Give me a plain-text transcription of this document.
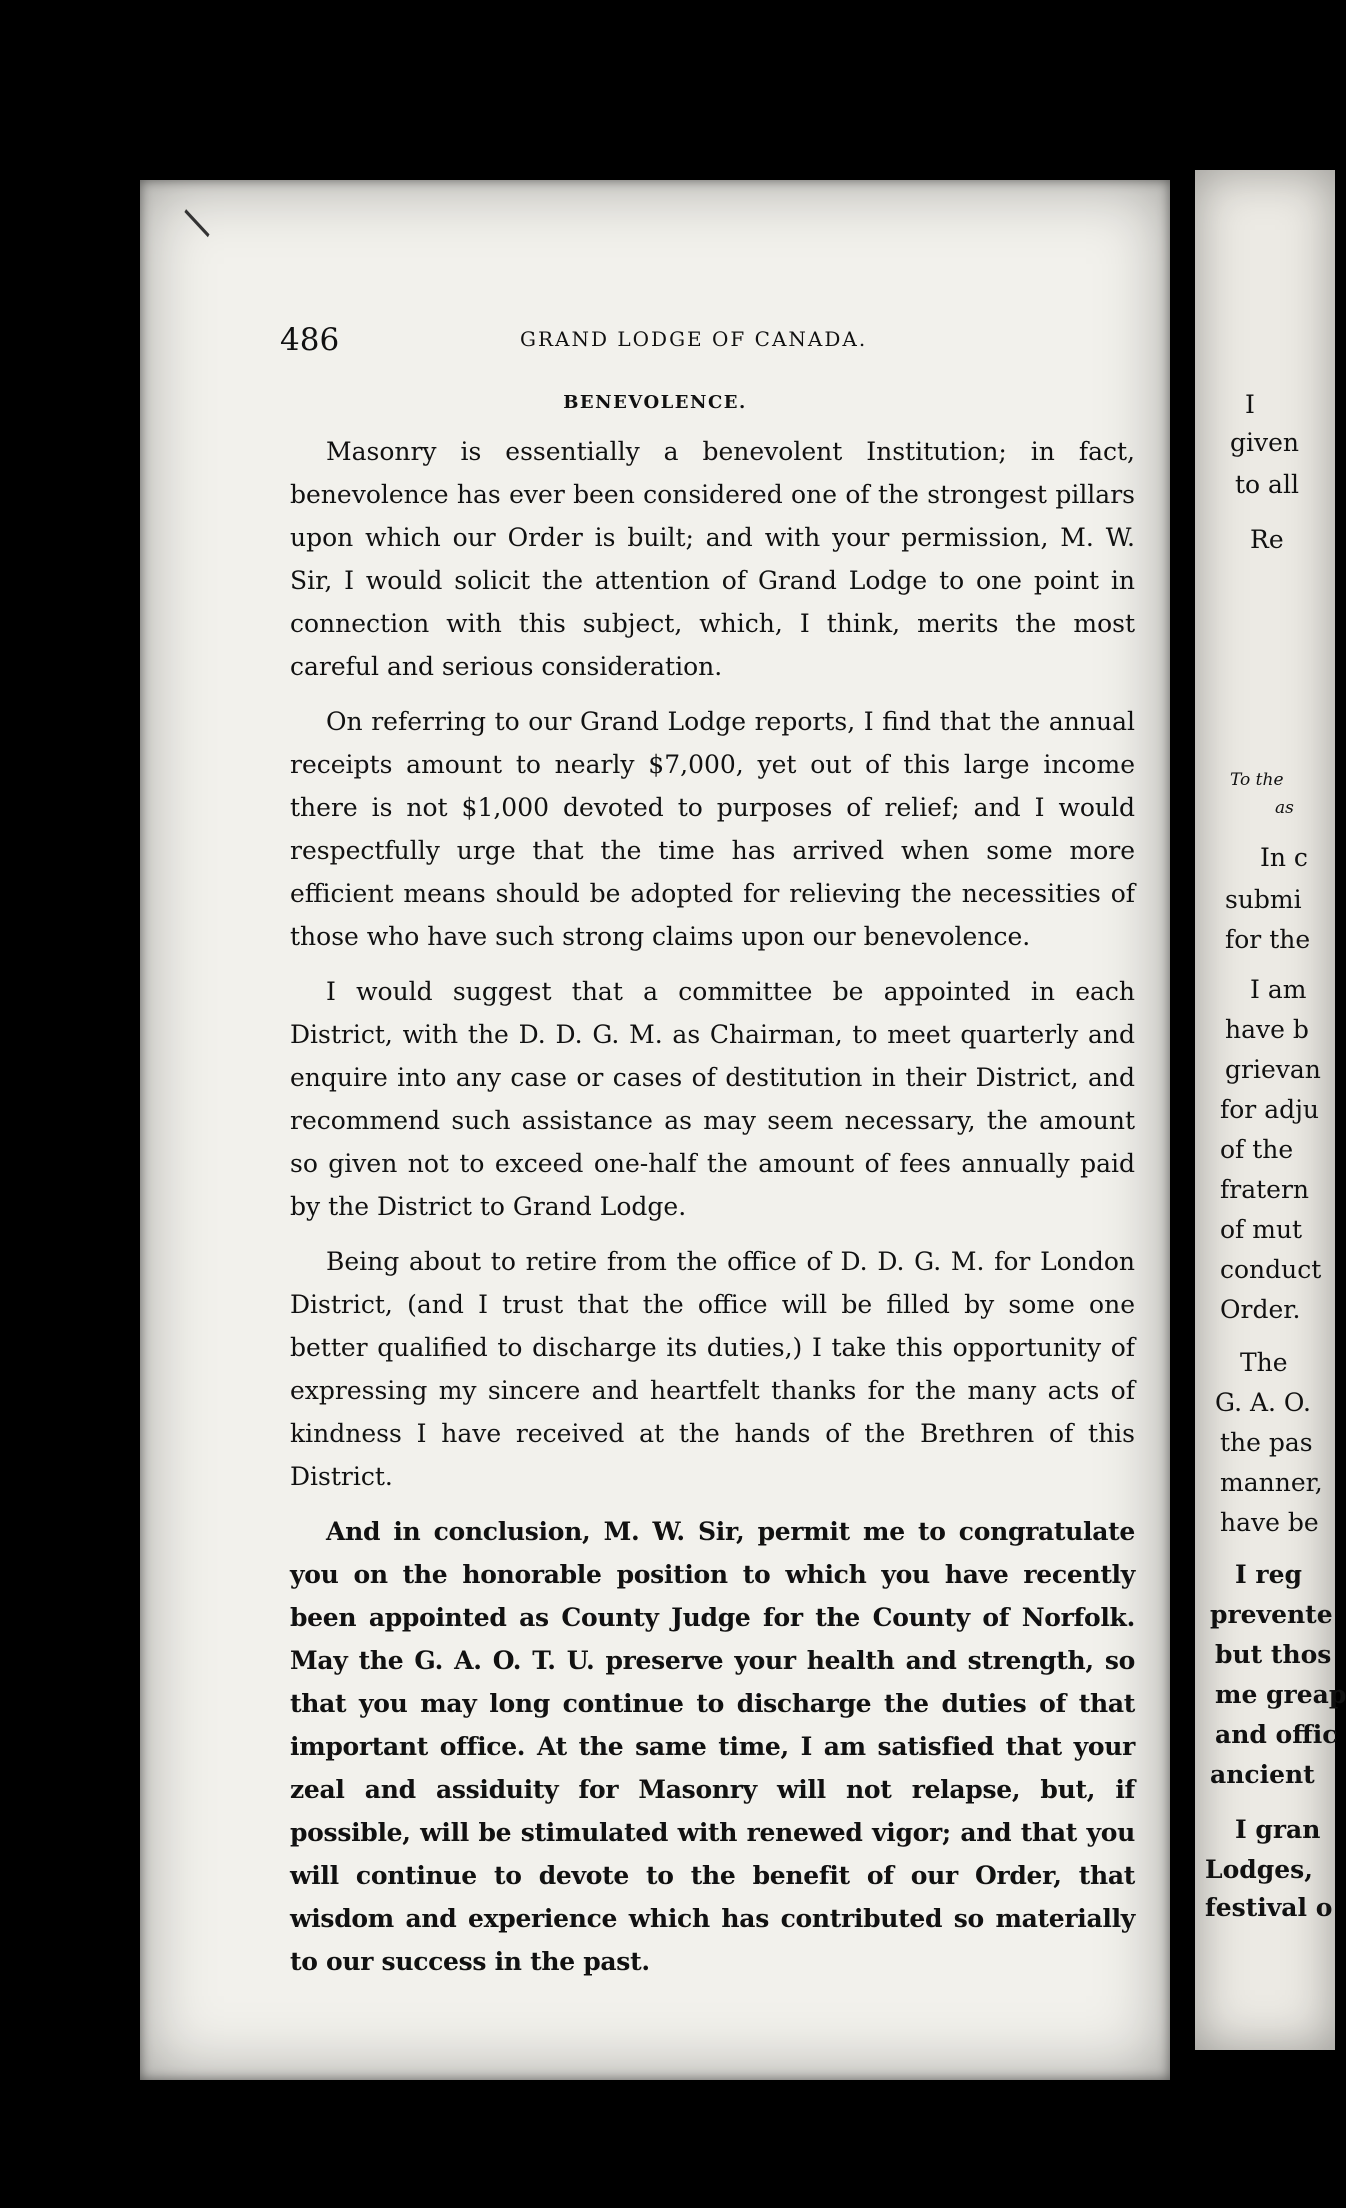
/
486	GRAND LODGE OF CANADA.
BENEVOLENCE.

Masonry is essentially a benevolent Institution; in fact, benevolence has ever been considered one of the strongest pillars upon which our Order is built; and with your permission, M. W. Sir, I would solicit the attention of Grand Lodge to one point in connection with this subject, which, I think, merits the most careful and serious consideration.

On referring to our Grand Lodge reports, I find that the annual receipts amount to nearly $7,000, yet out of this large income there is not $1,000 devoted to purposes of relief; and I would respectfully urge that the time has arrived when some more efficient means should be adopted for relieving the necessities of those who have such strong claims upon our benevolence.

I would suggest that a committee be appointed in each District, with the D. D. G. M. as Chairman, to meet quarterly and enquire into any case or cases of destitution in their District, and recommend such assistance as may seem necessary, the amount so given not to exceed one-half the amount of fees annually paid by the District to Grand Lodge.

Being about to retire from the office of D. D. G. M. for London District, (and I trust that the office will be filled by some one better qualified to discharge its duties,) I take this opportunity of expressing my sincere and heartfelt thanks for the many acts of kindness I have received at the hands of the Brethren of this District.

And in conclusion, M. W. Sir, permit me to congratulate you on the honorable position to which you have recently been appointed as County Judge for the County of Norfolk. May the G. A. O. T. U. preserve your health and strength, so that you may long continue to discharge the duties of that important office. At the same time, I am satisfied that your zeal and assiduity for Masonry will not relapse, but, if possible, will be stimulated with renewed vigor; and that you will continue to devote to the benefit of our Order, that wisdom and experience which has contributed so materially to our success in the past.

I
given
to all
Re
To the
as
In c
submi
for the
I am
have b
grievan
for adju
of the
fratern
of mut
conduct
Order.
The
G. A. O.
the pas
manner,
have be
I reg
prevente
but thos
me greap
and offic
ancient
I gran
Lodges,
festival o
